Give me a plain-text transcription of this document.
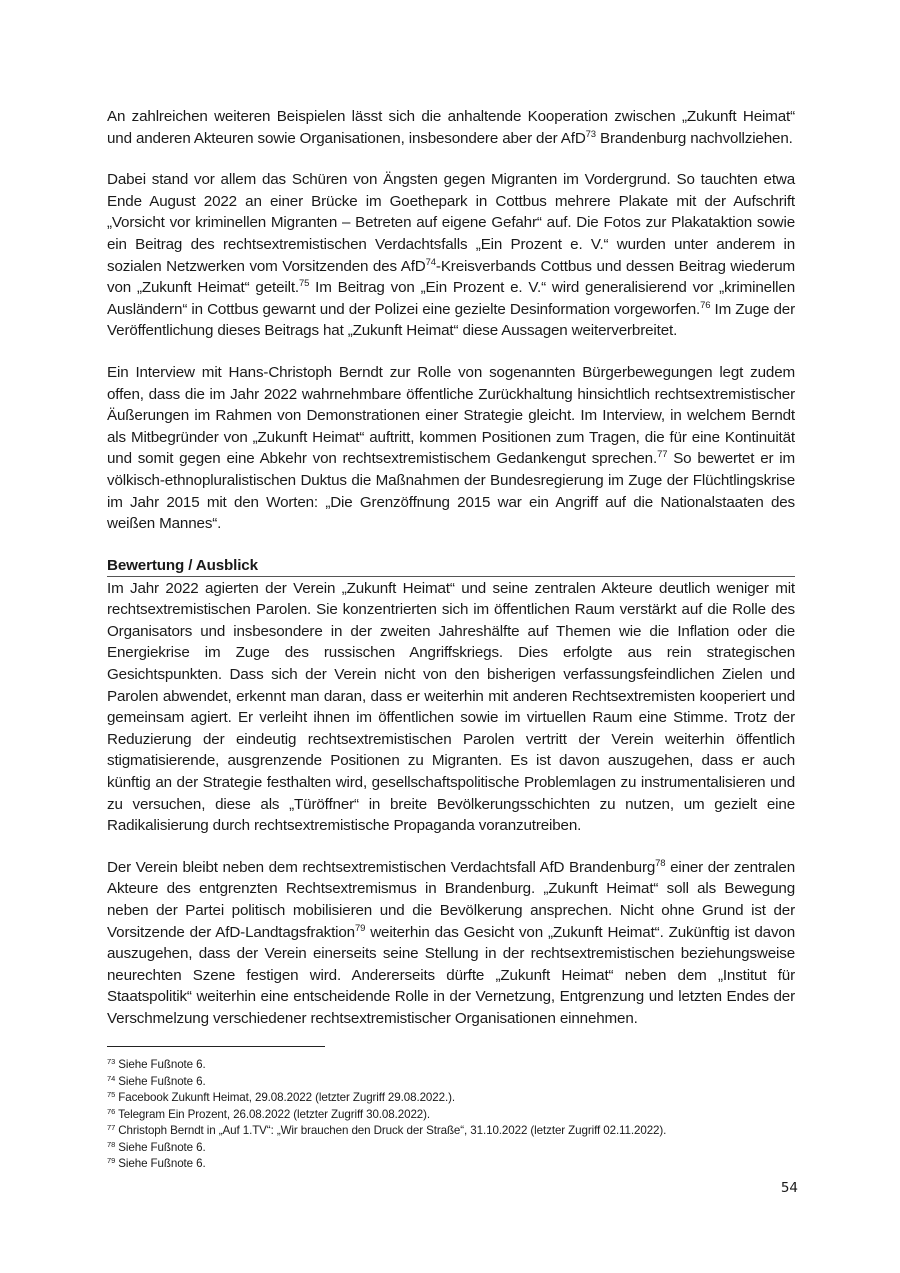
An zahlreichen weiteren Beispielen lässt sich die anhaltende Kooperation zwischen „Zukunft Heimat“ und anderen Akteuren sowie Organisationen, insbesondere aber der AfD$^{73}$ Brandenburg nachvollziehen.

Dabei stand vor allem das Schüren von Ängsten gegen Migranten im Vordergrund. So tauchten etwa Ende August 2022 an einer Brücke im Goethepark in Cottbus mehrere Plakate mit der Aufschrift „Vorsicht vor kriminellen Migranten – Betreten auf eigene Gefahr“ auf. Die Fotos zur Plakataktion sowie ein Beitrag des rechtsextremistischen Verdachtsfalls „Ein Prozent e. V.“ wurden unter anderem in sozialen Netzwerken vom Vorsitzenden des AfD$^{74}$-Kreisverbands Cottbus und dessen Beitrag wiederum von „Zukunft Heimat“ geteilt.$^{75}$ Im Beitrag von „Ein Prozent e. V.“ wird generalisierend vor „kriminellen Ausländern“ in Cottbus gewarnt und der Polizei eine gezielte Desinformation vorgeworfen.$^{76}$ Im Zuge der Veröffentlichung dieses Beitrags hat „Zukunft Heimat“ diese Aussagen weiterverbreitet.

Ein Interview mit Hans-Christoph Berndt zur Rolle von sogenannten Bürgerbewegungen legt zudem offen, dass die im Jahr 2022 wahrnehmbare öffentliche Zurückhaltung hinsichtlich rechtsextremistischer Äußerungen im Rahmen von Demonstrationen einer Strategie gleicht. Im Interview, in welchem Berndt als Mitbegründer von „Zukunft Heimat“ auftritt, kommen Positionen zum Tragen, die für eine Kontinuität und somit gegen eine Abkehr von rechtsextremistischem Gedankengut sprechen.$^{77}$ So bewertet er im völkisch-ethnopluralistischen Duktus die Maßnahmen der Bundesregierung im Zuge der Flüchtlingskrise im Jahr 2015 mit den Worten: „Die Grenzöffnung 2015 war ein Angriff auf die Nationalstaaten des weißen Mannes“.

Bewertung / Ausblick

Im Jahr 2022 agierten der Verein „Zukunft Heimat“ und seine zentralen Akteure deutlich weniger mit rechtsextremistischen Parolen. Sie konzentrierten sich im öffentlichen Raum verstärkt auf die Rolle des Organisators und insbesondere in der zweiten Jahreshälfte auf Themen wie die Inflation oder die Energiekrise im Zuge des russischen Angriffskriegs. Dies erfolgte aus rein strategischen Gesichtspunkten. Dass sich der Verein nicht von den bisherigen verfassungsfeindlichen Zielen und Parolen abwendet, erkennt man daran, dass er weiterhin mit anderen Rechtsextremisten kooperiert und gemeinsam agiert. Er verleiht ihnen im öffentlichen sowie im virtuellen Raum eine Stimme. Trotz der Reduzierung der eindeutig rechtsextremistischen Parolen vertritt der Verein weiterhin öffentlich stigmatisierende, ausgrenzende Positionen zu Migranten. Es ist davon auszugehen, dass er auch künftig an der Strategie festhalten wird, gesellschaftspolitische Problemlagen zu instrumentalisieren und zu versuchen, diese als „Türöffner“ in breite Bevölkerungsschichten zu nutzen, um gezielt eine Radikalisierung durch rechtsextremistische Propaganda voranzutreiben.

Der Verein bleibt neben dem rechtsextremistischen Verdachtsfall AfD Brandenburg$^{78}$ einer der zentralen Akteure des entgrenzten Rechtsextremismus in Brandenburg. „Zukunft Heimat“ soll als Bewegung neben der Partei politisch mobilisieren und die Bevölkerung ansprechen. Nicht ohne Grund ist der Vorsitzende der AfD-Landtagsfraktion$^{79}$ weiterhin das Gesicht von „Zukunft Heimat“. Zukünftig ist davon auszugehen, dass der Verein einerseits seine Stellung in der rechtsextremistischen beziehungsweise neurechten Szene festigen wird. Andererseits dürfte „Zukunft Heimat“ neben dem „Institut für Staatspolitik“ weiterhin eine entscheidende Rolle in der Vernetzung, Entgrenzung und letzten Endes der Verschmelzung verschiedener rechtsextremistischer Organisationen einnehmen.

$^{73}$ Siehe Fußnote 6.
$^{74}$ Siehe Fußnote 6.
$^{75}$ Facebook Zukunft Heimat, 29.08.2022 (letzter Zugriff 29.08.2022.).
$^{76}$ Telegram Ein Prozent, 26.08.2022 (letzter Zugriff 30.08.2022).
$^{77}$ Christoph Berndt in „Auf 1.TV“: „Wir brauchen den Druck der Straße“, 31.10.2022 (letzter Zugriff 02.11.2022).
$^{78}$ Siehe Fußnote 6.
$^{79}$ Siehe Fußnote 6.
54
